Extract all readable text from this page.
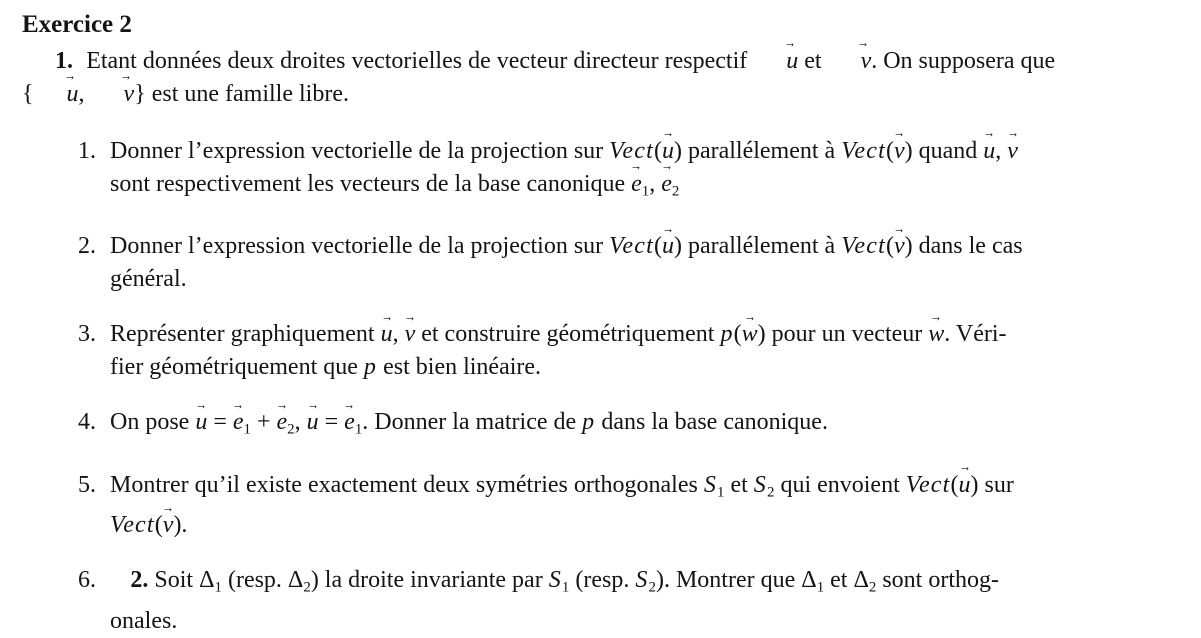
Exercice 2

1. Etant données deux droites vectorielles de vecteur directeur respectif u → et v →. On supposera que
{ u →, v →} est une famille libre.

1. Donner l’expression vectorielle de la projection sur Vect(u →) parallélement à Vect(v →) quand u →, v →
sont respectivement les vecteurs de la base canonique e →1, e →2
2. Donner l’expression vectorielle de la projection sur Vect(u →) parallélement à Vect(v →) dans le cas
général.
3. Représenter graphiquement u →, v → et construire géométriquement p(w →) pour un vecteur w →. Véri-
fier géométriquement que p est bien linéaire.
4. On pose u → = e →1 + e →2, u → = e →1. Donner la matrice de p dans la base canonique.
5. Montrer qu’il existe exactement deux symétries orthogonales S1 et S2 qui envoient Vect(u →) sur
Vect(v →).
6.	2. Soit Δ1 (resp. Δ2) la droite invariante par S1 (resp. S2). Montrer que Δ1 et Δ2 sont orthog-
onales.
